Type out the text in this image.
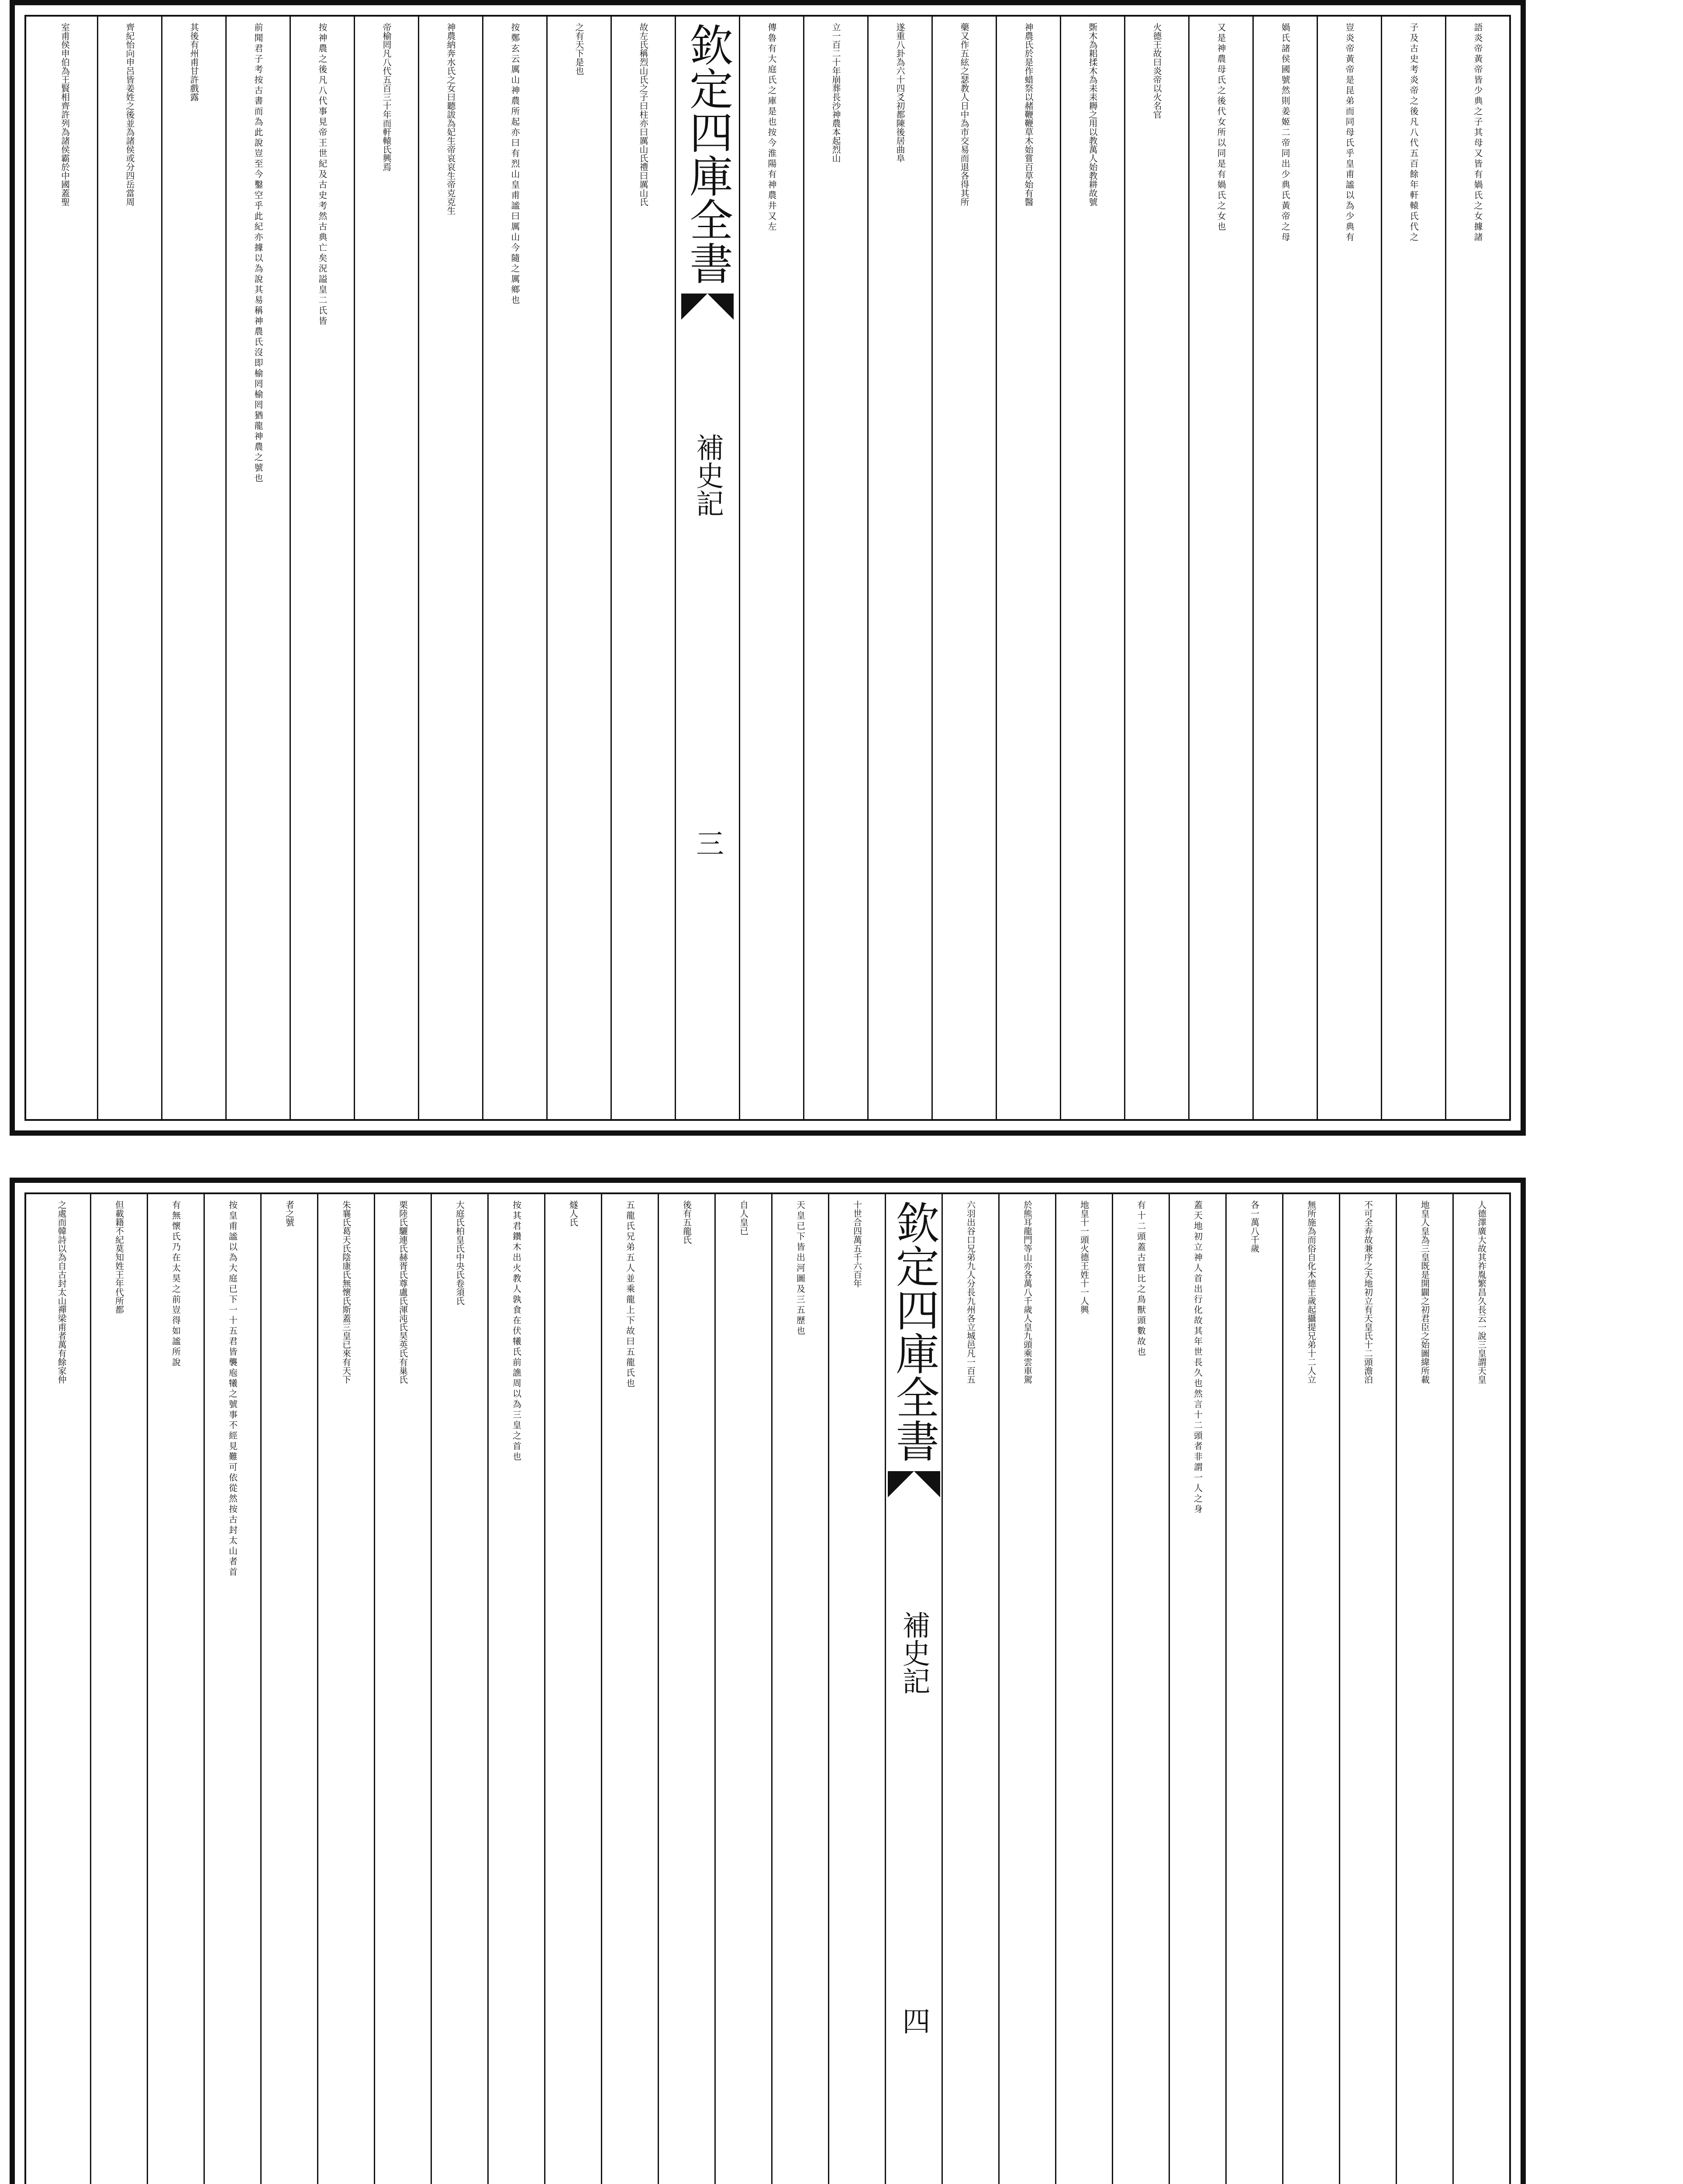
語炎帝黃帝皆少典之子其母又皆有媧氏之女據諸
子及古史考炎帝之後凡八代五百餘年軒轅氏代之
豈炎帝黃帝是昆弟而同母氏乎皇甫謐以為少典有
媧氏諸侯國號然則姜姬二帝同出少典氏黃帝之母
又是神農母氏之後代女所以同是有媧氏之女也
火德王故曰炎帝以火名官
斲木為耜揉木為耒耒耨之用以教萬人始教耕故號
神農氏於是作蜡祭以赭鞭鞭草木始嘗百草始有醫
藥又作五絃之瑟教人日中為市交易而退各得其所
遂重八卦為六十四爻初都陳後居曲阜
立一百二十年崩葬長沙神農本起烈山
傳魯有大庭氏之庫是也按今淮陽有神農井又左
欽定四庫全書
補史記
三
故左氏稱烈山氏之子曰柱亦曰厲山氏禮曰厲山氏
之有天下是也
按鄭玄云厲山神農所起亦曰有烈山皇甫謐曰厲山今隨之厲鄉也
神農納奔水氏之女曰聽詙為妃生帝哀哀生帝克克生
帝榆罔凡八代五百三十年而軒轅氏興焉
按神農之後凡八代事見帝王世紀及古史考然古典亡矣況謚皇二氏皆
前聞君子考按古書而為此說豈至今鑿空乎此紀亦據以為說其易稱神農氏沒即榆罔榆罔猶龍神農之號也
其後有州甫甘許戲露
齊紀怡向申呂皆姜姓之後並為諸侯或分四岳當周
室甫侯申伯為王賢相齊許列為諸侯霸於中國蓋聖
人德澤廣大故其祚胤繁昌久長云一說三皇謂天皇
地皇人皇為三皇既是開闢之初君臣之始圖緯所載
不可全弃故兼序之天地初立有天皇氏十二頭澹泊
無所施為而俗自化木德王歲起攝提兄弟十二人立
各一萬八千歲
蓋天地初立神人首出行化故其年世長久也然言十二頭者非謂一人之身
有十二頭蓋古質比之鳥獸頭數故也
地皇十一頭火德王姓十一人興
於熊耳龍門等山亦各萬八千歲人皇九頭乘雲車駕
六羽出谷口兄弟九人分長九州各立城邑凡一百五
欽定四庫全書
補史記
四
十世合四萬五千六百年
天皇已下皆出河圖及三五歷也
自人皇已
後有五龍氏
五龍氏兄弟五人並乘龍上下故曰五龍氏也
燧人氏
按其君鑽木出火教人孰食在伏犧氏前譙周以為三皇之首也
大庭氏柏皇氏中央氏卷須氏
栗陸氏驪連氏赫胥氏尊盧氏渾沌氏昊英氏有巢氏
朱襄氏葛天氏陰康氏無懷氏斯蓋三皇已來有天下
者之號
按皇甫謐以為大庭已下一十五君皆襲庖犧之號事不經見難可依從然按古封太山者首
有無懷氏乃在太昊之前豈得如謐所說
但載籍不紀莫知姓王年代所都
之處而韓詩以為自古封太山禪梁甫者萬有餘家仲
